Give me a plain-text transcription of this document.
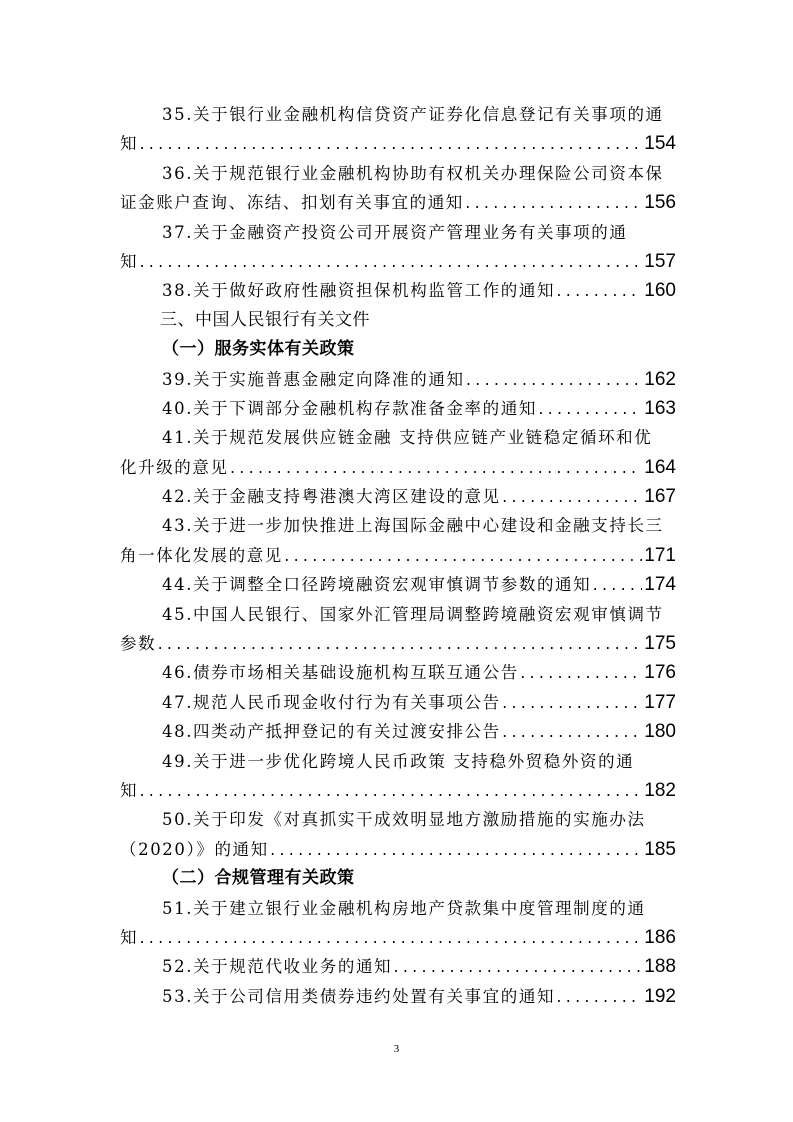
35.关于银行业金融机构信贷资产证券化信息登记有关事项的通
知 .....	154
36.关于规范银行业金融机构协助有权机关办理保险公司资本保
证金账户查询、冻结、扣划有关事宜的通知 .....	156
37.关于金融资产投资公司开展资产管理业务有关事项的通
知 .....	157
38.关于做好政府性融资担保机构监管工作的通知 .....	160
三、中国人民银行有关文件
（一）服务实体有关政策
39.关于实施普惠金融定向降准的通知 .....	162
40.关于下调部分金融机构存款准备金率的通知 .....	163
41.关于规范发展供应链金融 支持供应链产业链稳定循环和优
化升级的意见 .....	164
42.关于金融支持粤港澳大湾区建设的意见 .....	167
43.关于进一步加快推进上海国际金融中心建设和金融支持长三
角一体化发展的意见 .....	171
44.关于调整全口径跨境融资宏观审慎调节参数的通知 .....	174
45.中国人民银行、国家外汇管理局调整跨境融资宏观审慎调节
参数 .....	175
46.债券市场相关基础设施机构互联互通公告 .....	176
47.规范人民币现金收付行为有关事项公告 .....	177
48.四类动产抵押登记的有关过渡安排公告 .....	180
49.关于进一步优化跨境人民币政策 支持稳外贸稳外资的通
知 .....	182
50.关于印发《对真抓实干成效明显地方激励措施的实施办法
（2020）》的通知 .....	185
（二）合规管理有关政策
51.关于建立银行业金融机构房地产贷款集中度管理制度的通
知 .....	186
52.关于规范代收业务的通知 .....	188
53.关于公司信用类债券违约处置有关事宜的通知 .....	192
3
